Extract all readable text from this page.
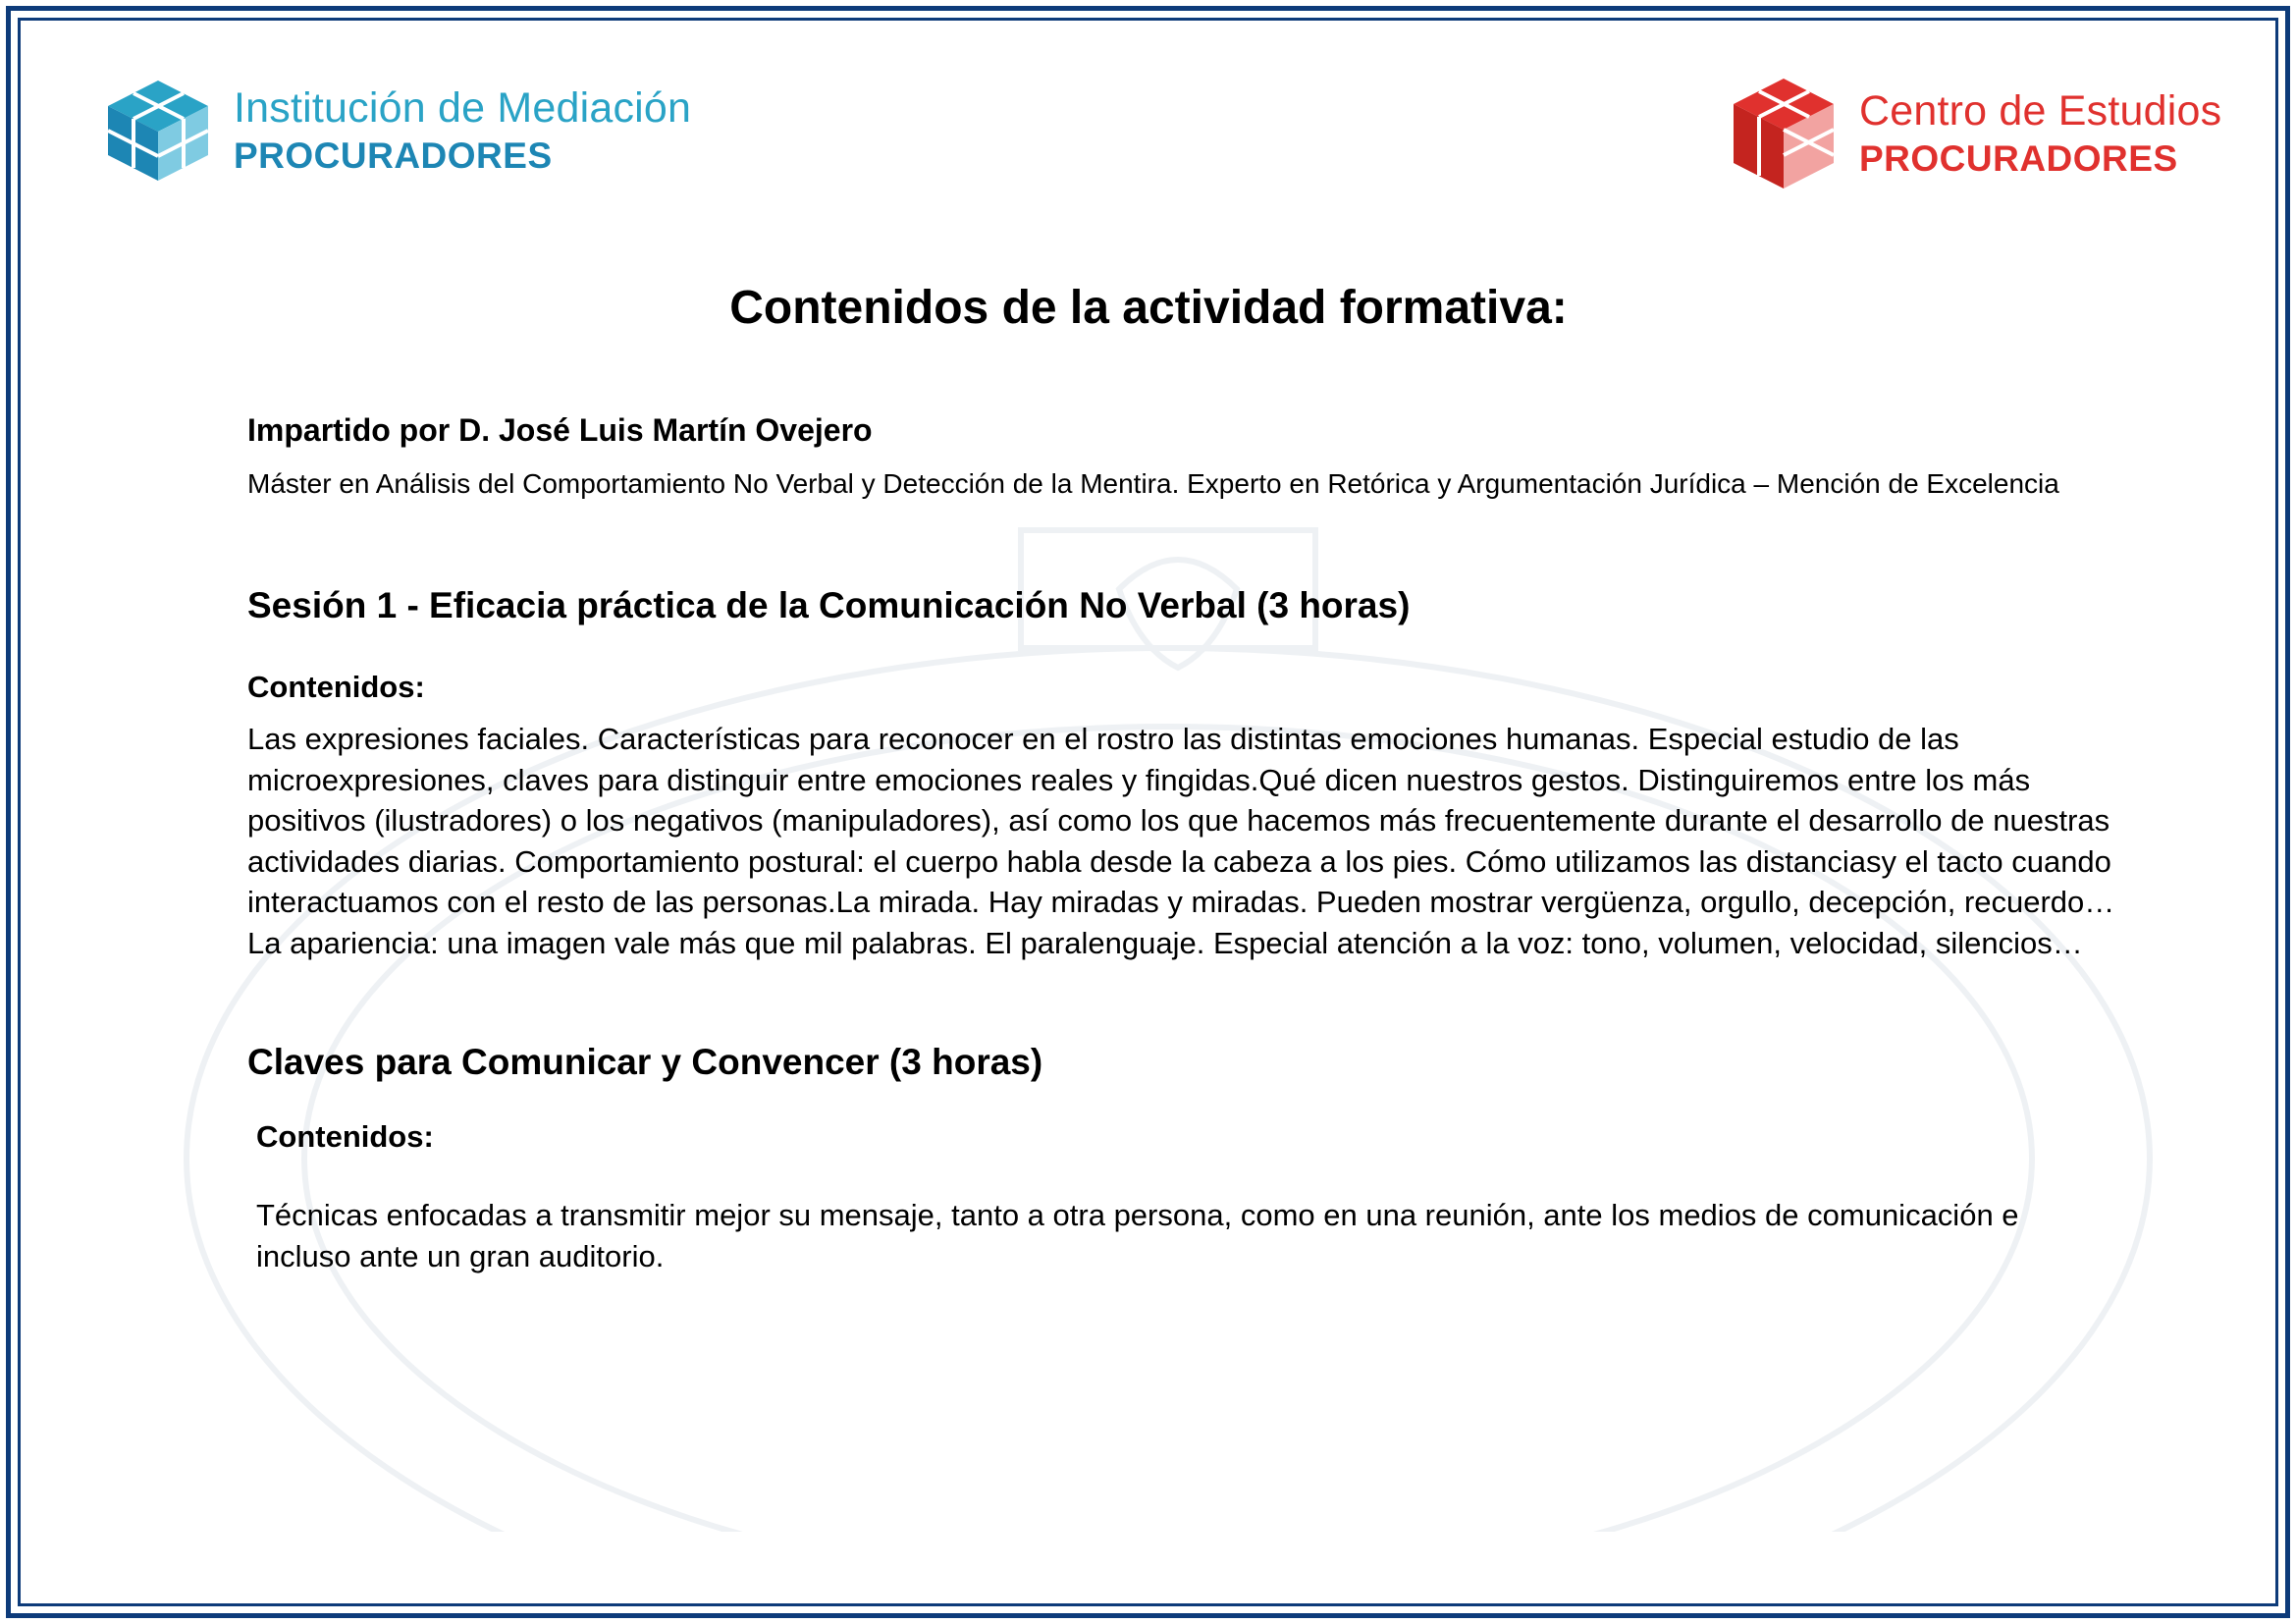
Institución de Mediación
PROCURADORES
Centro de Estudios
PROCURADORES
Contenidos de la actividad formativa:

Impartido por D. José Luis Martín Ovejero

Máster en Análisis del Comportamiento No Verbal y Detección de la Mentira. Experto en Retórica y Argumentación Jurídica – Mención de Excelencia

Sesión 1 - Eficacia práctica de la Comunicación No Verbal (3 horas)

Contenidos:

Las expresiones faciales. Características para reconocer en el rostro las distintas emociones humanas. Especial estudio de las microexpresiones, claves para distinguir entre emociones reales y fingidas.Qué dicen nuestros gestos. Distinguiremos entre los más positivos (ilustradores) o los negativos (manipuladores), así como los que hacemos más frecuentemente durante el desarrollo de nuestras actividades diarias. Comportamiento postural: el cuerpo habla desde la cabeza a los pies. Cómo utilizamos las distanciasy el tacto cuando interactuamos con el resto de las personas.La mirada. Hay miradas y miradas. Pueden mostrar vergüenza, orgullo, decepción, recuerdo… La apariencia: una imagen vale más que mil palabras. El paralenguaje. Especial atención a la voz: tono, volumen, velocidad, silencios…

Claves para Comunicar y Convencer (3 horas)

Contenidos:

Técnicas enfocadas a transmitir mejor su mensaje, tanto a otra persona, como en una reunión, ante los medios de comunicación e incluso ante un gran auditorio.
